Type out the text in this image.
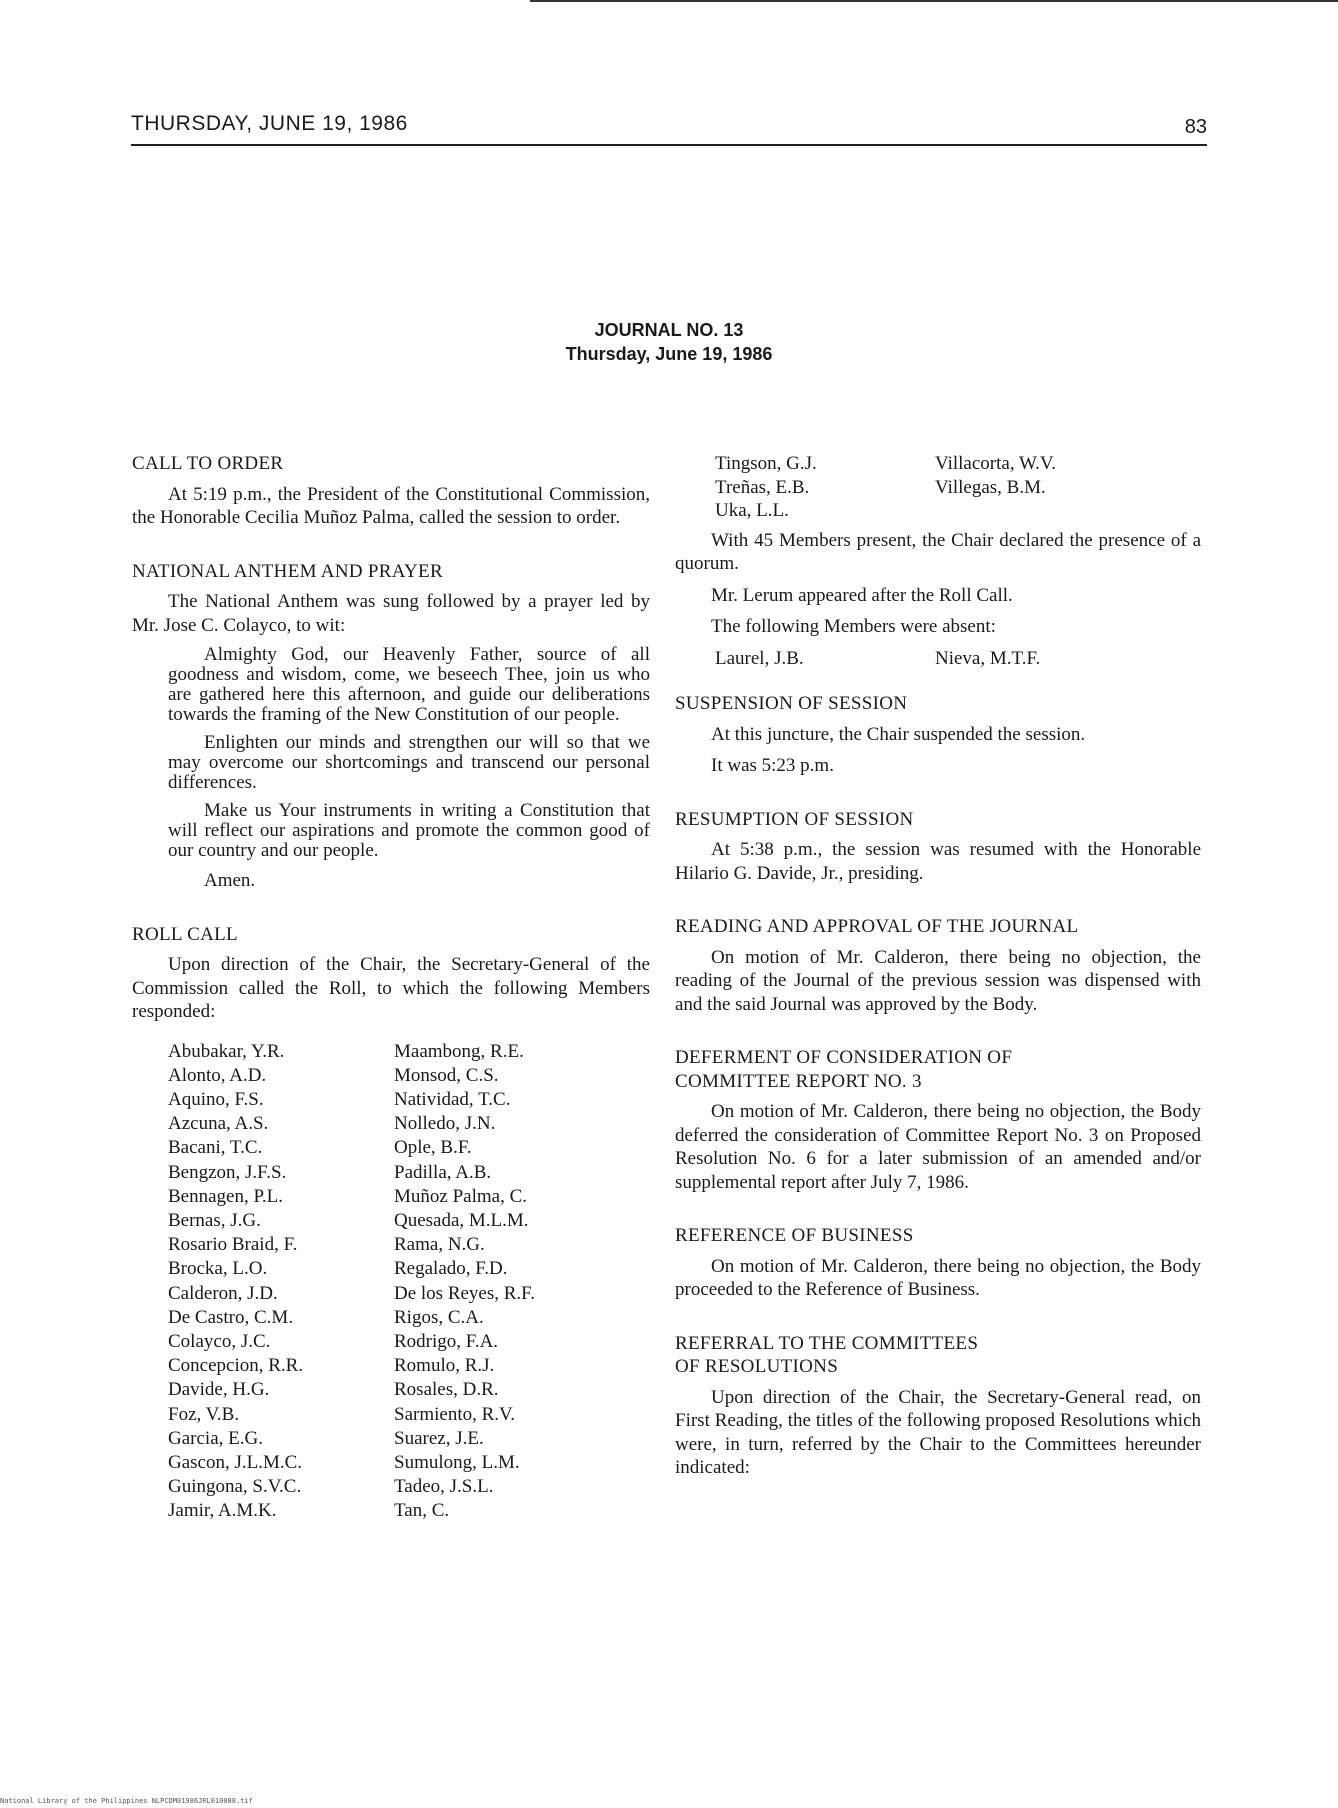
THURSDAY, JUNE 19, 1986	83
JOURNAL NO. 13
Thursday, June 19, 1986
CALL TO ORDER

At 5:19 p.m., the President of the Constitutional Commission, the Honorable Cecilia Muñoz Palma, called the session to order.

NATIONAL ANTHEM AND PRAYER

The National Anthem was sung followed by a prayer led by Mr. Jose C. Colayco, to wit:

Almighty God, our Heavenly Father, source of all goodness and wisdom, come, we beseech Thee, join us who are gathered here this afternoon, and guide our deliberations towards the framing of the New Constitution of our people.

Enlighten our minds and strengthen our will so that we may overcome our shortcomings and transcend our personal differences.

Make us Your instruments in writing a Constitution that will reflect our aspirations and promote the common good of our country and our people.

Amen.

ROLL CALL

Upon direction of the Chair, the Secretary-General of the Commission called the Roll, to which the following Members responded:

Abubakar, Y.R.
Alonto, A.D.
Aquino, F.S.
Azcuna, A.S.
Bacani, T.C.
Bengzon, J.F.S.
Bennagen, P.L.
Bernas, J.G.
Rosario Braid, F.
Brocka, L.O.
Calderon, J.D.
De Castro, C.M.
Colayco, J.C.
Concepcion, R.R.
Davide, H.G.
Foz, V.B.
Garcia, E.G.
Gascon, J.L.M.C.
Guingona, S.V.C.
Jamir, A.M.K.
Maambong, R.E.
Monsod, C.S.
Natividad, T.C.
Nolledo, J.N.
Ople, B.F.
Padilla, A.B.
Muñoz Palma, C.
Quesada, M.L.M.
Rama, N.G.
Regalado, F.D.
De los Reyes, R.F.
Rigos, C.A.
Rodrigo, F.A.
Romulo, R.J.
Rosales, D.R.
Sarmiento, R.V.
Suarez, J.E.
Sumulong, L.M.
Tadeo, J.S.L.
Tan, C.
Tingson, G.J.
Treñas, E.B.
Uka, L.L.
Villacorta, W.V.
Villegas, B.M.

With 45 Members present, the Chair declared the presence of a quorum.

Mr. Lerum appeared after the Roll Call.

The following Members were absent:

Laurel, J.B.	Nieva, M.T.F.
SUSPENSION OF SESSION

At this juncture, the Chair suspended the session.

It was 5:23 p.m.

RESUMPTION OF SESSION

At 5:38 p.m., the session was resumed with the Honorable Hilario G. Davide, Jr., presiding.

READING AND APPROVAL OF THE JOURNAL

On motion of Mr. Calderon, there being no objection, the reading of the Journal of the previous session was dispensed with and the said Journal was approved by the Body.

DEFERMENT OF CONSIDERATION OF
COMMITTEE REPORT NO. 3

On motion of Mr. Calderon, there being no objection, the Body deferred the consideration of Committee Report No. 3 on Proposed Resolution No. 6 for a later submission of an amended and/or supplemental report after July 7, 1986.

REFERENCE OF BUSINESS

On motion of Mr. Calderon, there being no objection, the Body proceeded to the Reference of Business.

REFERRAL TO THE COMMITTEES
OF RESOLUTIONS

Upon direction of the Chair, the Secretary-General read, on First Reading, the titles of the following proposed Resolutions which were, in turn, referred by the Chair to the Committees hereunder indicated:

National Library of the Philippines NLPCDM01986JRL010088.tif
